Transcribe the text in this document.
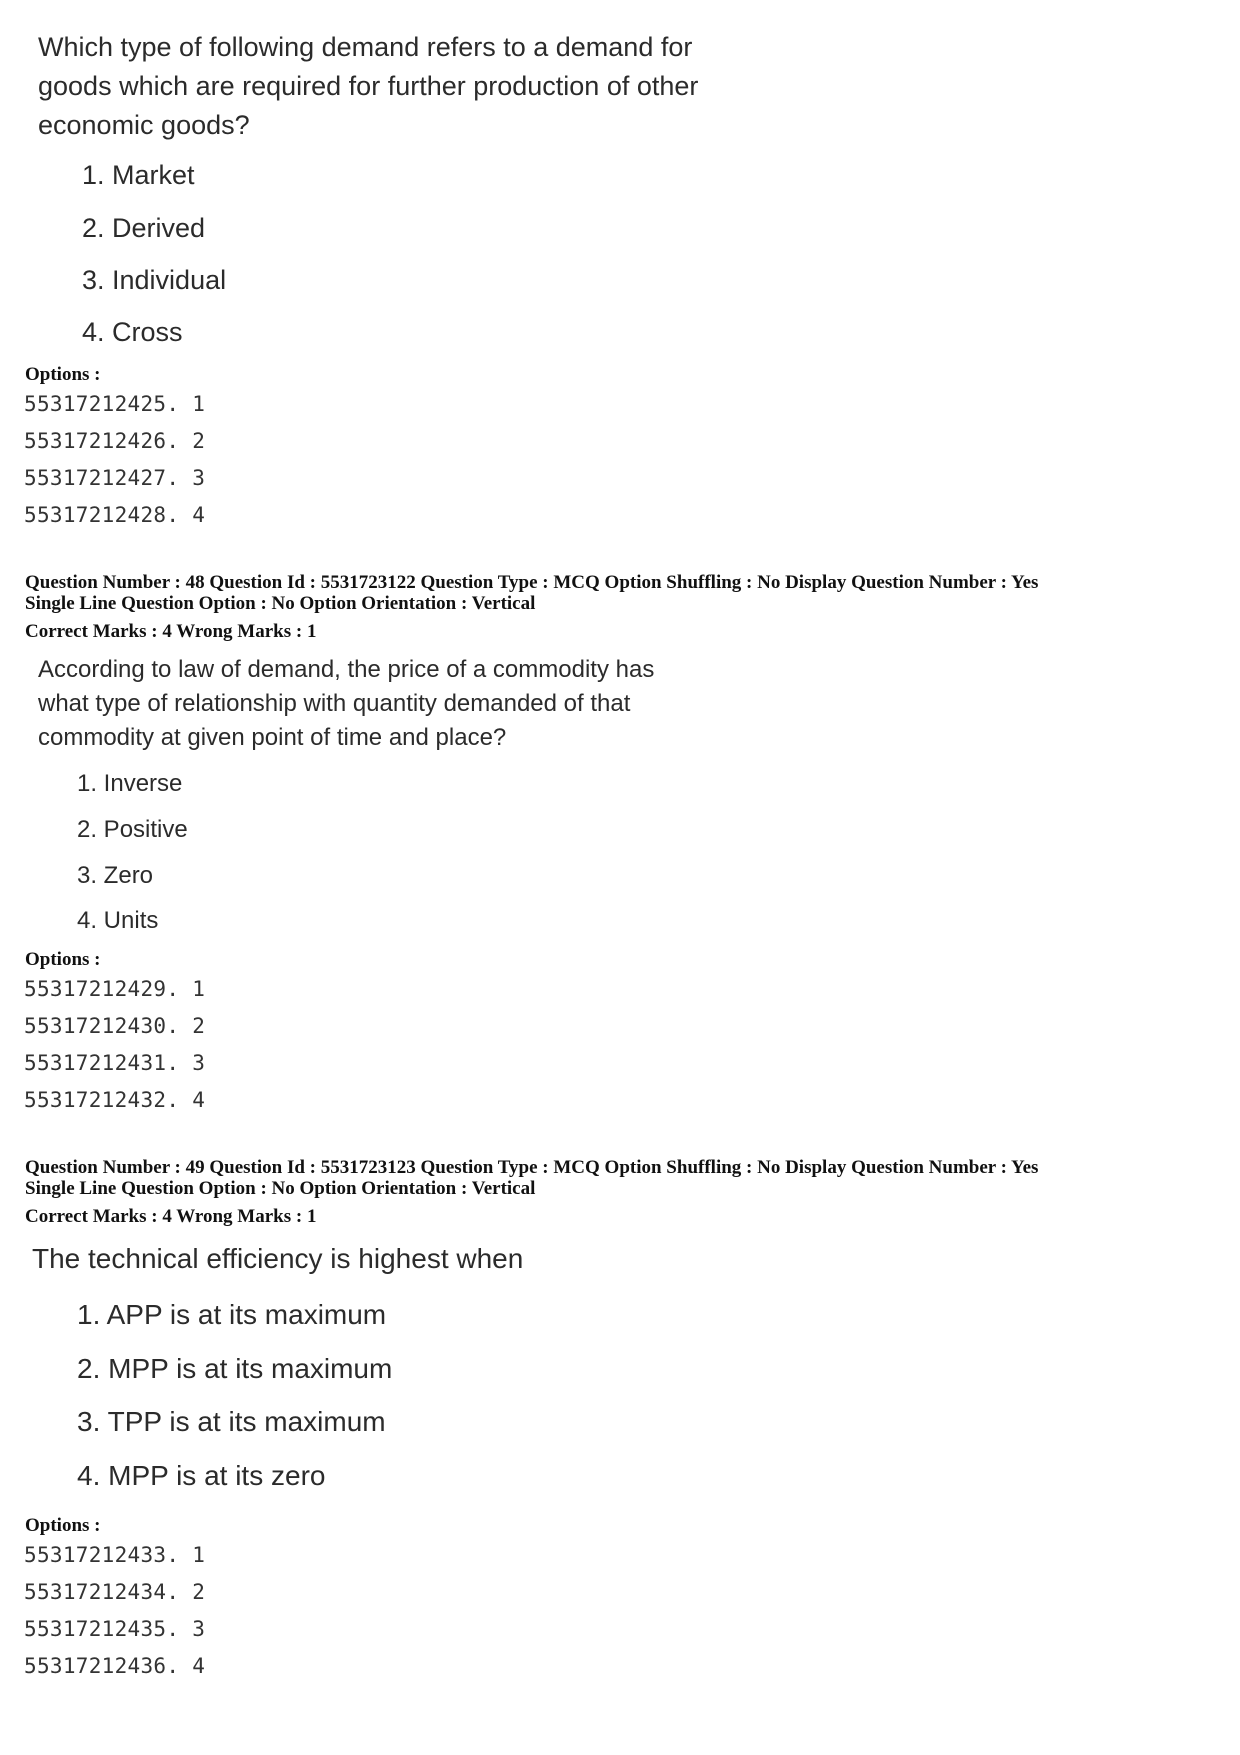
Which type of following demand refers to a demand for
goods which are required for further production of other
economic goods?
1. Market
2. Derived
3. Individual
4. Cross
Options :
55317212425. 1
55317212426. 2
55317212427. 3
55317212428. 4
Question Number : 48 Question Id : 5531723122 Question Type : MCQ Option Shuffling : No Display Question Number : Yes
Single Line Question Option : No Option Orientation : Vertical
Correct Marks : 4 Wrong Marks : 1
According to law of demand, the price of a commodity has
what type of relationship with quantity demanded of that
commodity at given point of time and place?
1. Inverse
2. Positive
3. Zero
4. Units
Options :
55317212429. 1
55317212430. 2
55317212431. 3
55317212432. 4
Question Number : 49 Question Id : 5531723123 Question Type : MCQ Option Shuffling : No Display Question Number : Yes
Single Line Question Option : No Option Orientation : Vertical
Correct Marks : 4 Wrong Marks : 1
The technical efficiency is highest when
1. APP is at its maximum
2. MPP is at its maximum
3. TPP is at its maximum
4. MPP is at its zero
Options :
55317212433. 1
55317212434. 2
55317212435. 3
55317212436. 4
